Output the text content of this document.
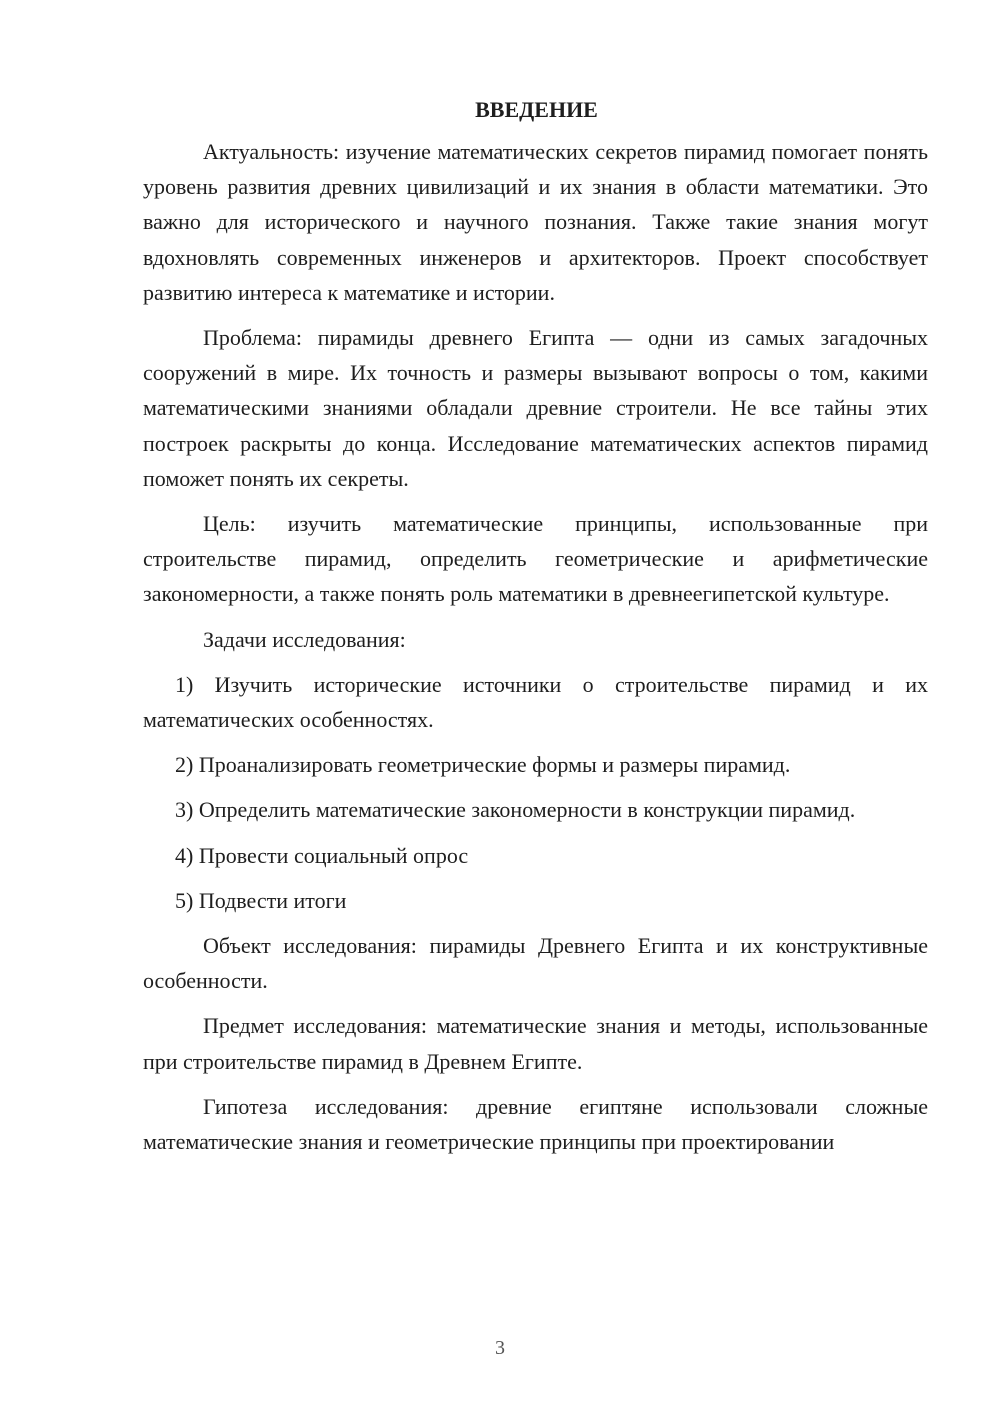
ВВЕДЕНИЕ

Актуальность: изучение математических секретов пирамид помогает понять уровень развития древних цивилизаций и их знания в области математики. Это важно для исторического и научного познания. Также такие знания могут вдохновлять современных инженеров и архитекторов. Проект способствует развитию интереса к математике и истории.

Проблема: пирамиды древнего Египта — одни из самых загадочных сооружений в мире. Их точность и размеры вызывают вопросы о том, какими математическими знаниями обладали древние строители. Не все тайны этих построек раскрыты до конца. Исследование математических аспектов пирамид поможет понять их секреты.

Цель: изучить математические принципы, использованные при строительстве пирамид, определить геометрические и арифметические закономерности, а также понять роль математики в древнеегипетской культуре.

Задачи исследования:

1) Изучить исторические источники о строительстве пирамид и их математических особенностях.

2) Проанализировать геометрические формы и размеры пирамид.

3) Определить математические закономерности в конструкции пирамид.

4) Провести социальный опрос

5) Подвести итоги

Объект исследования: пирамиды Древнего Египта и их конструктивные особенности.

Предмет исследования: математические знания и методы, использованные при строительстве пирамид в Древнем Египте.

Гипотеза исследования: древние египтяне использовали сложные математические знания и геометрические принципы при проектировании

3
